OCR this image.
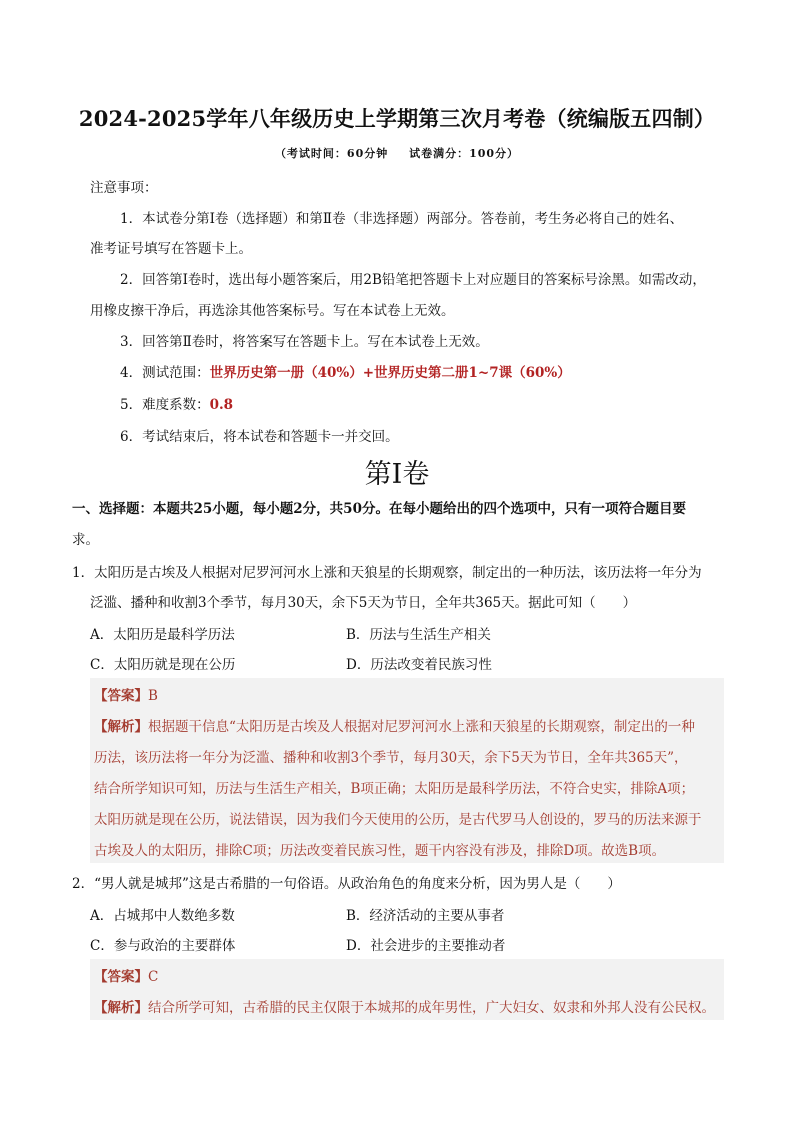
2024-2025学年八年级历史上学期第三次月考卷（统编版五四制）
（考试时间：60分钟 试卷满分：100分）
注意事项：
1．本试卷分第Ⅰ卷（选择题）和第Ⅱ卷（非选择题）两部分。答卷前，考生务必将自己的姓名、
准考证号填写在答题卡上。
2．回答第Ⅰ卷时，选出每小题答案后，用2B铅笔把答题卡上对应题目的答案标号涂黑。如需改动，
用橡皮擦干净后，再选涂其他答案标号。写在本试卷上无效。
3．回答第Ⅱ卷时，将答案写在答题卡上。写在本试卷上无效。
4．测试范围：世界历史第一册（40%）+世界历史第二册1~7课（60%）
5．难度系数：0.8
6．考试结束后，将本试卷和答题卡一并交回。
第Ⅰ卷
一、选择题：本题共25小题，每小题2分，共50分。在每小题给出的四个选项中，只有一项符合题目要
求。
1．太阳历是古埃及人根据对尼罗河河水上涨和天狼星的长期观察，制定出的一种历法，该历法将一年分为
泛滥、播种和收割3个季节，每月30天，余下5天为节日，全年共365天。据此可知（　　）
A．太阳历是最科学历法	B．历法与生活生产相关
C．太阳历就是现在公历	D．历法改变着民族习性
【答案】B
【解析】根据题干信息“太阳历是古埃及人根据对尼罗河河水上涨和天狼星的长期观察，制定出的一种
历法，该历法将一年分为泛滥、播种和收割3个季节，每月30天，余下5天为节日，全年共365天”，
结合所学知识可知，历法与生活生产相关，B项正确；太阳历是最科学历法，不符合史实，排除A项；
太阳历就是现在公历，说法错误，因为我们今天使用的公历，是古代罗马人创设的，罗马的历法来源于
古埃及人的太阳历，排除C项；历法改变着民族习性，题干内容没有涉及，排除D项。故选B项。
2．“男人就是城邦”这是古希腊的一句俗语。从政治角色的角度来分析，因为男人是（　　）
A．占城邦中人数绝多数	B．经济活动的主要从事者
C．参与政治的主要群体	D．社会进步的主要推动者
【答案】C
【解析】结合所学可知，古希腊的民主仅限于本城邦的成年男性，广大妇女、奴隶和外邦人没有公民权。
